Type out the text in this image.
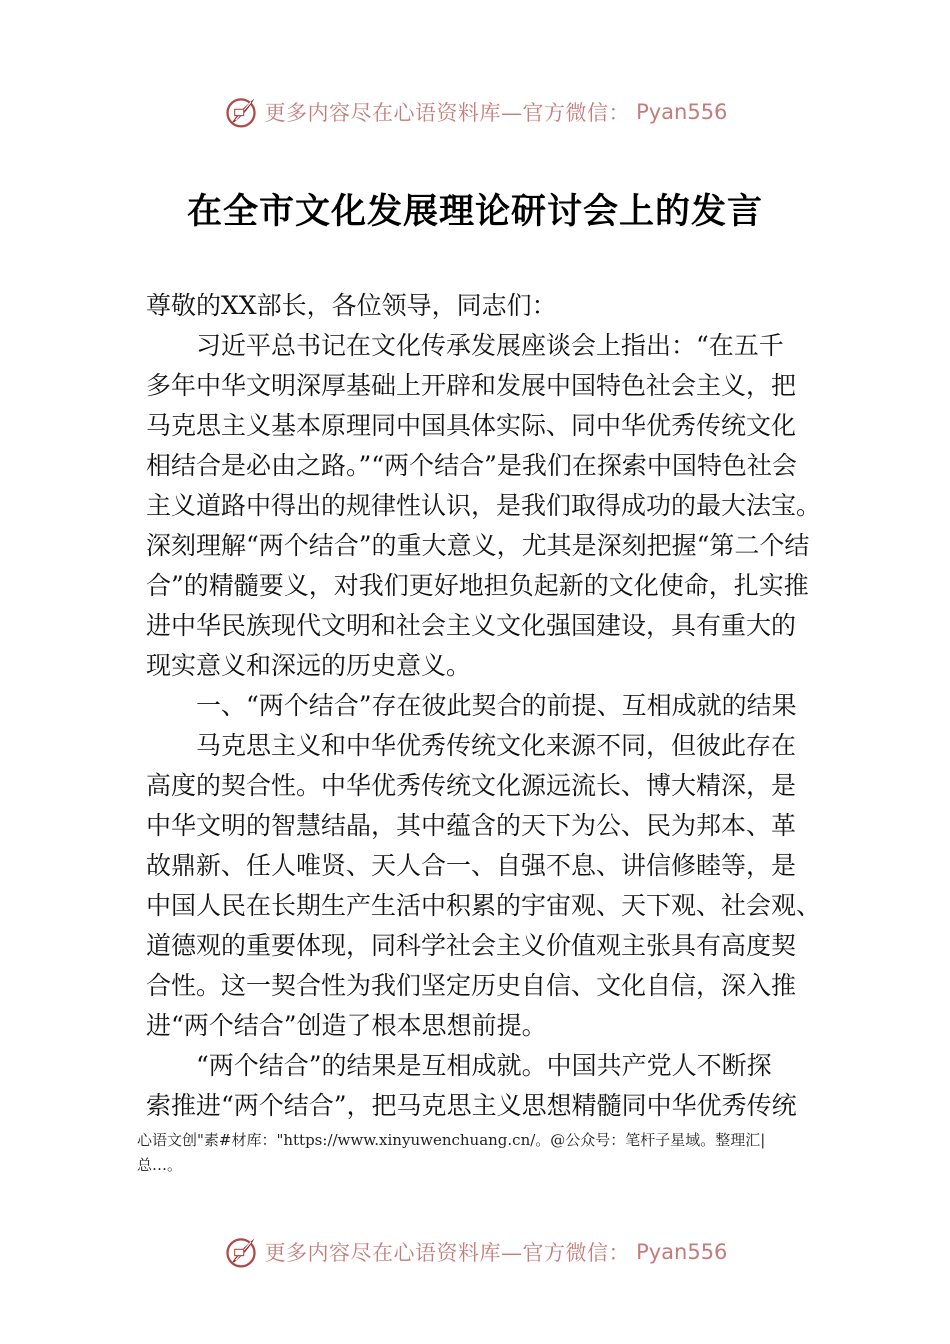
更多内容尽在心语资料库—官方微信： Pyan556
在全市文化发展理论研讨会上的发言

尊敬的XX部长，各位领导，同志们：

习近平总书记在文化传承发展座谈会上指出：“在五千

多年中华文明深厚基础上开辟和发展中国特色社会主义，把

马克思主义基本原理同中国具体实际、同中华优秀传统文化

相结合是必由之路。”“两个结合”是我们在探索中国特色社会

主义道路中得出的规律性认识，是我们取得成功的最大法宝。

深刻理解“两个结合”的重大意义，尤其是深刻把握“第二个结

合”的精髓要义，对我们更好地担负起新的文化使命，扎实推

进中华民族现代文明和社会主义文化强国建设，具有重大的

现实意义和深远的历史意义。

一、“两个结合”存在彼此契合的前提、互相成就的结果

马克思主义和中华优秀传统文化来源不同，但彼此存在

高度的契合性。中华优秀传统文化源远流长、博大精深，是

中华文明的智慧结晶，其中蕴含的天下为公、民为邦本、革

故鼎新、任人唯贤、天人合一、自强不息、讲信修睦等，是

中国人民在长期生产生活中积累的宇宙观、天下观、社会观、

道德观的重要体现，同科学社会主义价值观主张具有高度契

合性。这一契合性为我们坚定历史自信、文化自信，深入推

进“两个结合”创造了根本思想前提。

“两个结合”的结果是互相成就。中国共产党人不断探

索推进“两个结合”，把马克思主义思想精髓同中华优秀传统

心语文创"素#材库："https://www.xinyuwenchuang.cn/。@公众号：笔杆子星域。整理汇|

总…。

更多内容尽在心语资料库—官方微信： Pyan556
